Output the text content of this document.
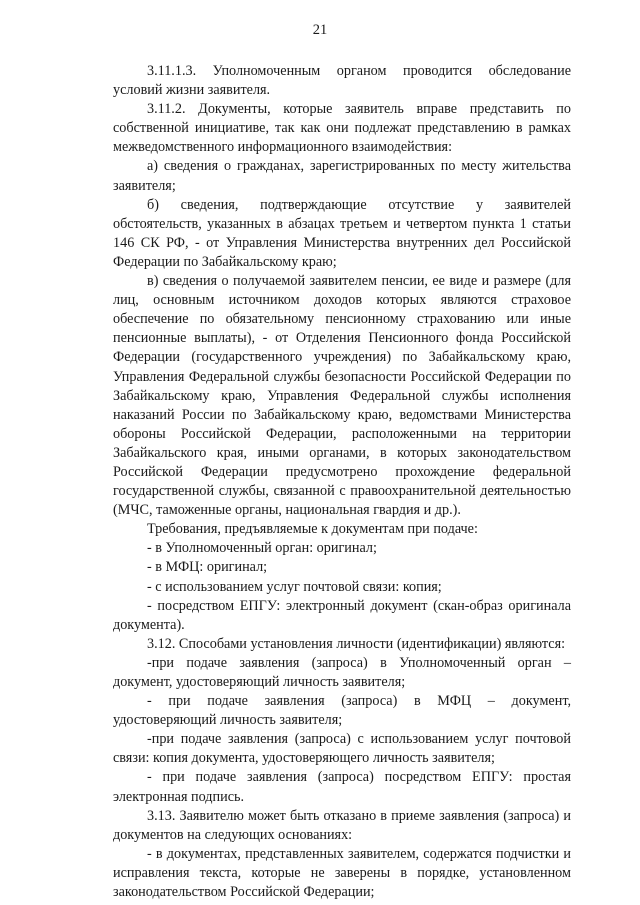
21

3.11.1.3. Уполномоченным органом проводится обследование условий жизни заявителя.

3.11.2. Документы, которые заявитель вправе представить по собственной инициативе, так как они подлежат представлению в рамках межведомственного информационного взаимодействия:

а) сведения о гражданах, зарегистрированных по месту жительства заявителя;

б) сведения, подтверждающие отсутствие у заявителей обстоятельств, указанных в абзацах третьем и четвертом пункта 1 статьи 146 СК РФ, - от Управления Министерства внутренних дел Российской Федерации по Забайкальскому краю;

в) сведения о получаемой заявителем пенсии, ее виде и размере (для лиц, основным источником доходов которых являются страховое обеспечение по обязательному пенсионному страхованию или иные пенсионные выплаты), - от Отделения Пенсионного фонда Российской Федерации (государственного учреждения) по Забайкальскому краю, Управления Федеральной службы безопасности Российской Федерации по Забайкальскому краю, Управления Федеральной службы исполнения наказаний России по Забайкальскому краю, ведомствами Министерства обороны Российской Федерации, расположенными на территории Забайкальского края, иными органами, в которых законодательством Российской Федерации предусмотрено прохождение федеральной государственной службы, связанной с правоохранительной деятельностью (МЧС, таможенные органы, национальная гвардия и др.).

Требования, предъявляемые к документам при подаче:

- в Уполномоченный орган: оригинал;

- в МФЦ: оригинал;

- с использованием услуг почтовой связи: копия;

- посредством ЕПГУ: электронный документ (скан-образ оригинала документа).

3.12. Способами установления личности (идентификации) являются:

-при подаче заявления (запроса) в Уполномоченный орган – документ, удостоверяющий личность заявителя;

- при подаче заявления (запроса) в МФЦ – документ, удостоверяющий личность заявителя;

-при подаче заявления (запроса) с использованием услуг почтовой связи: копия документа, удостоверяющего личность заявителя;

- при подаче заявления (запроса) посредством ЕПГУ: простая электронная подпись.

3.13. Заявителю может быть отказано в приеме заявления (запроса) и документов на следующих основаниях:

- в документах, представленных заявителем, содержатся подчистки и исправления текста, которые не заверены в порядке, установленном законодательством Российской Федерации;
